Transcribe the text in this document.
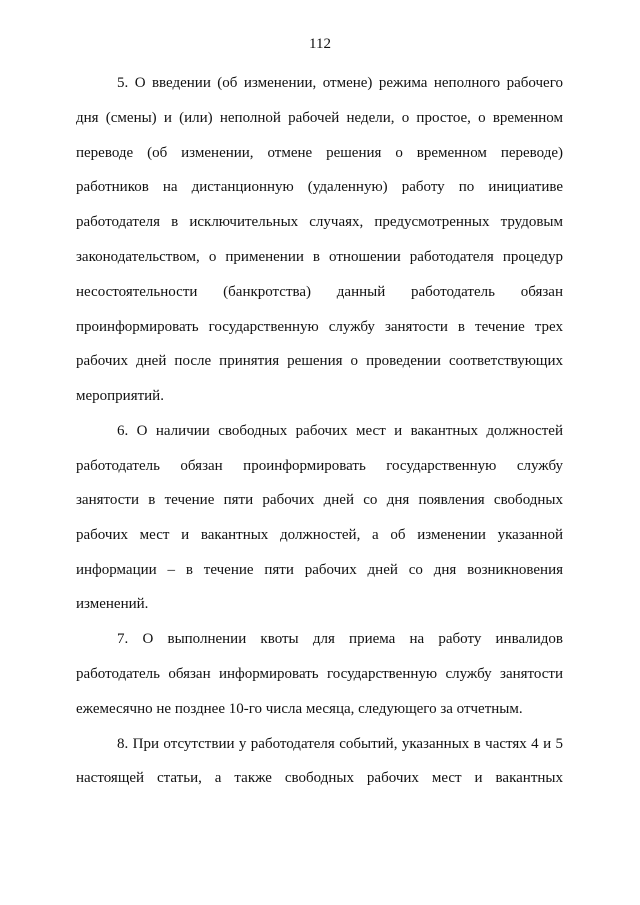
112
5. О введении (об изменении, отмене) режима неполного рабочего
дня (смены) и (или) неполной рабочей недели, о простое, о временном
переводе (об изменении, отмене решения о временном переводе)
работников на дистанционную (удаленную) работу по инициативе
работодателя в исключительных случаях, предусмотренных трудовым
законодательством, о применении в отношении работодателя процедур
несостоятельности (банкротства) данный работодатель обязан
проинформировать государственную службу занятости в течение трех
рабочих дней после принятия решения о проведении соответствующих
мероприятий.
6. О наличии свободных рабочих мест и вакантных должностей
работодатель обязан проинформировать государственную службу
занятости в течение пяти рабочих дней со дня появления свободных
рабочих мест и вакантных должностей, а об изменении указанной
информации – в течение пяти рабочих дней со дня возникновения
изменений.
7. О выполнении квоты для приема на работу инвалидов
работодатель обязан информировать государственную службу занятости
ежемесячно не позднее 10-го числа месяца, следующего за отчетным.
8. При отсутствии у работодателя событий, указанных в частях 4 и 5
настоящей статьи, а также свободных рабочих мест и вакантных
